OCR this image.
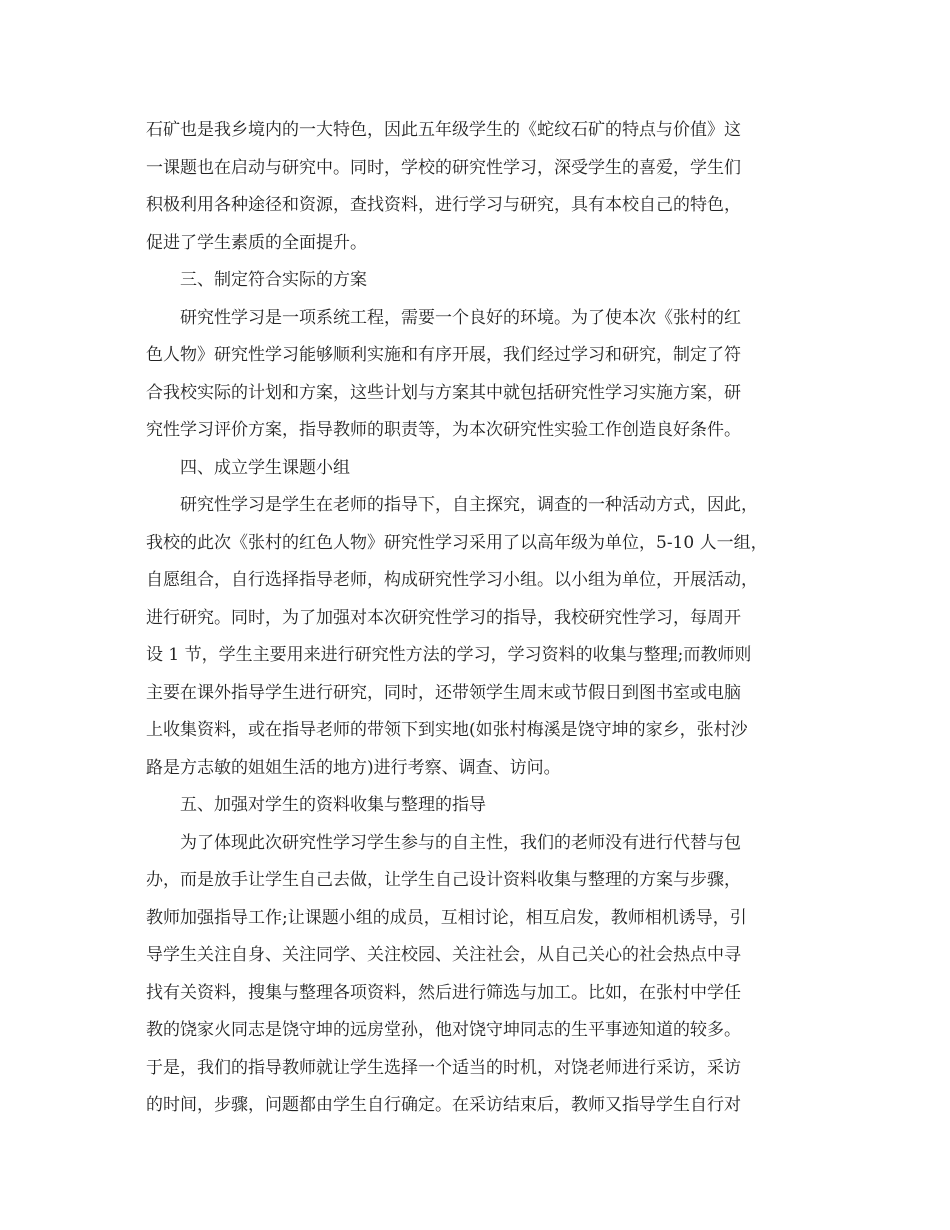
石矿也是我乡境内的一大特色，因此五年级学生的《蛇纹石矿的特点与价值》这
一课题也在启动与研究中。同时，学校的研究性学习，深受学生的喜爱，学生们
积极利用各种途径和资源，查找资料，进行学习与研究，具有本校自己的特色，
促进了学生素质的全面提升。
三、制定符合实际的方案
研究性学习是一项系统工程，需要一个良好的环境。为了使本次《张村的红
色人物》研究性学习能够顺利实施和有序开展，我们经过学习和研究，制定了符
合我校实际的计划和方案，这些计划与方案其中就包括研究性学习实施方案，研
究性学习评价方案，指导教师的职责等，为本次研究性实验工作创造良好条件。
四、成立学生课题小组
研究性学习是学生在老师的指导下，自主探究，调查的一种活动方式，因此，
我校的此次《张村的红色人物》研究性学习采用了以高年级为单位，5-10 人一组，
自愿组合，自行选择指导老师，构成研究性学习小组。以小组为单位，开展活动，
进行研究。同时，为了加强对本次研究性学习的指导，我校研究性学习，每周开
设 1 节，学生主要用来进行研究性方法的学习，学习资料的收集与整理;而教师则
主要在课外指导学生进行研究，同时，还带领学生周末或节假日到图书室或电脑
上收集资料，或在指导老师的带领下到实地(如张村梅溪是饶守坤的家乡，张村沙
路是方志敏的姐姐生活的地方)进行考察、调查、访问。
五、加强对学生的资料收集与整理的指导
为了体现此次研究性学习学生参与的自主性，我们的老师没有进行代替与包
办，而是放手让学生自己去做，让学生自己设计资料收集与整理的方案与步骤，
教师加强指导工作;让课题小组的成员，互相讨论，相互启发，教师相机诱导，引
导学生关注自身、关注同学、关注校园、关注社会，从自己关心的社会热点中寻
找有关资料，搜集与整理各项资料，然后进行筛选与加工。比如，在张村中学任
教的饶家火同志是饶守坤的远房堂孙，他对饶守坤同志的生平事迹知道的较多。
于是，我们的指导教师就让学生选择一个适当的时机，对饶老师进行采访，采访
的时间，步骤，问题都由学生自行确定。在采访结束后，教师又指导学生自行对
